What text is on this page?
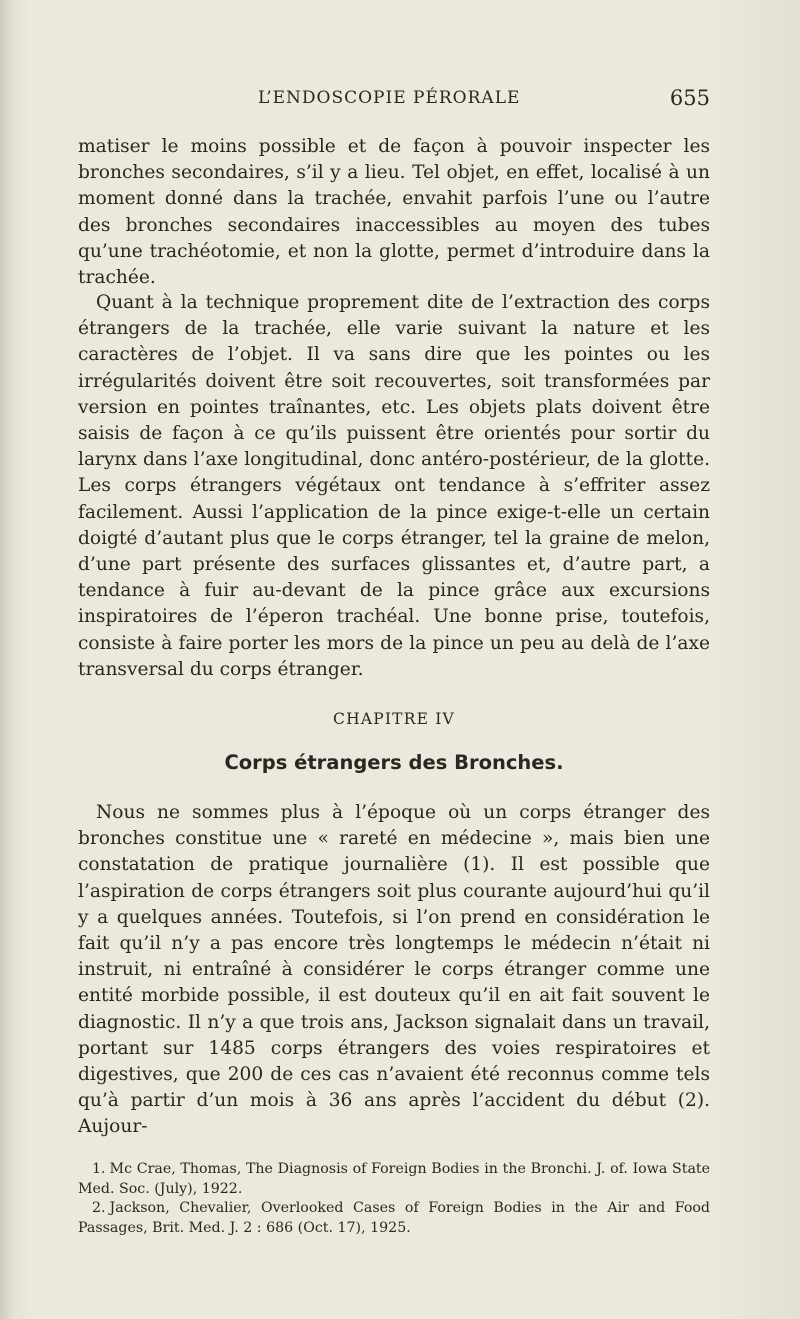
L’ENDOSCOPIE PÉRORALE	655

matiser le moins possible et de façon à pouvoir inspecter les bronches secondaires, s’il y a lieu. Tel objet, en effet, localisé à un moment donné dans la trachée, envahit parfois l’une ou l’autre des bronches secondaires inaccessibles au moyen des tubes qu’une trachéotomie, et non la glotte, permet d’introduire dans la trachée.

Quant à la technique proprement dite de l’extraction des corps étrangers de la trachée, elle varie suivant la nature et les caractères de l’objet. Il va sans dire que les pointes ou les irrégularités doivent être soit recouvertes, soit transformées par version en pointes traînantes, etc. Les objets plats doivent être saisis de façon à ce qu’ils puissent être orientés pour sortir du larynx dans l’axe longitudinal, donc antéro-postérieur, de la glotte. Les corps étrangers végétaux ont tendance à s’effriter assez facilement. Aussi l’application de la pince exige-t-elle un certain doigté d’autant plus que le corps étranger, tel la graine de melon, d’une part présente des surfaces glissantes et, d’autre part, a tendance à fuir au-devant de la pince grâce aux excursions inspiratoires de l’éperon trachéal. Une bonne prise, toutefois, consiste à faire porter les mors de la pince un peu au delà de l’axe transversal du corps étranger.

CHAPITRE IV
Corps étrangers des Bronches.

Nous ne sommes plus à l’époque où un corps étranger des bronches constitue une « rareté en médecine », mais bien une constatation de pratique journalière (1). Il est possible que l’aspiration de corps étrangers soit plus courante aujourd’hui qu’il y a quelques années. Toutefois, si l’on prend en considération le fait qu’il n’y a pas encore très longtemps le médecin n’était ni instruit, ni entraîné à considérer le corps étranger comme une entité morbide possible, il est douteux qu’il en ait fait souvent le diagnostic. Il n’y a que trois ans, Jackson signalait dans un travail, portant sur 1485 corps étrangers des voies respiratoires et digestives, que 200 de ces cas n’avaient été reconnus comme tels qu’à partir d’un mois à 36 ans après l’accident du début (2). Aujour-

1. Mc Crae, Thomas, The Diagnosis of Foreign Bodies in the Bronchi. J. of. Iowa State Med. Soc. (July), 1922.

2. Jackson, Chevalier, Overlooked Cases of Foreign Bodies in the Air and Food Passages, Brit. Med. J. 2 : 686 (Oct. 17), 1925.
